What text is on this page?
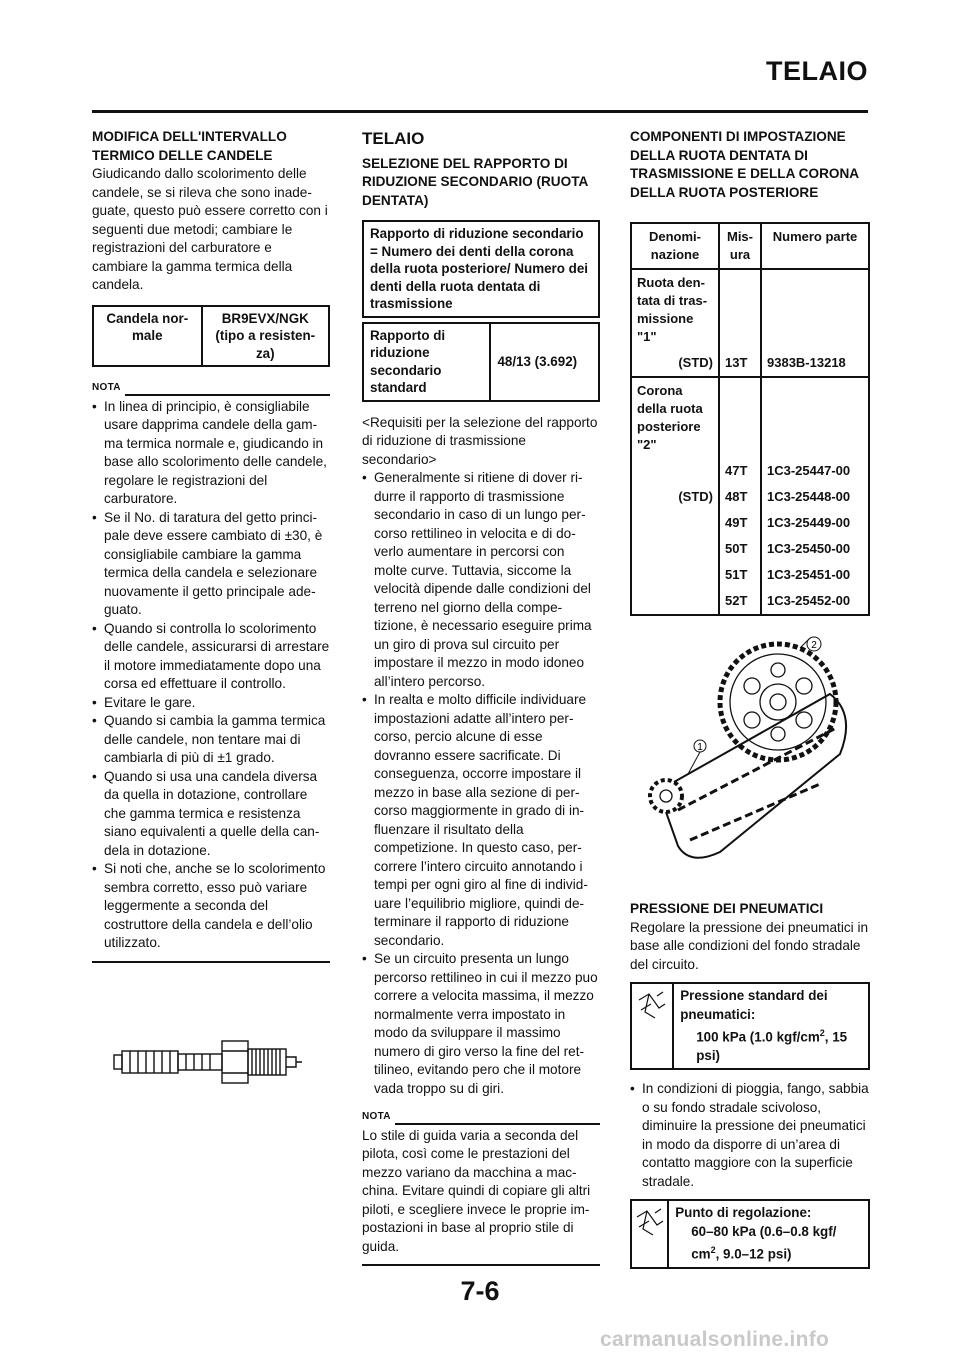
TELAIO

MODIFICA DELL'INTERVALLO TERMICO DELLE CANDELE

Giudicando dallo scolorimento delle candele, se si rileva che sono inadeguate, questo può essere corretto con i seguenti due metodi; cambiare le registrazioni del carburatore e cambiare la gamma termica della candela.

Candela normale	BR9EVX/NGK (tipo a resistenza)
NOTA
• In linea di principio, è consigliabile usare dapprima candele della gamma termica normale e, giudicando in base allo scolorimento delle candele, regolare le registrazioni del carburatore.
• Se il No. di taratura del getto principale deve essere cambiato di ±30, è consigliabile cambiare la gamma termica della candela e selezionare nuovamente il getto principale adeguato.
• Quando si controlla lo scolorimento delle candele, assicurarsi di arrestare il motore immediatamente dopo una corsa ed effettuare il controllo.
• Evitare le gare.
• Quando si cambia la gamma termica delle candele, non tentare mai di cambiarla di più di ±1 grado.
• Quando si usa una candela diversa da quella in dotazione, controllare che gamma termica e resistenza siano equivalenti a quelle della candela in dotazione.
• Si noti che, anche se lo scolorimento sembra corretto, esso può variare leggermente a seconda del costruttore della candela e dell’olio utilizzato.
TELAIO

SELEZIONE DEL RAPPORTO DI RIDUZIONE SECONDARIO (RUOTA DENTATA)

Rapporto di riduzione secondario = Numero dei denti della corona della ruota posteriore/ Numero dei denti della ruota dentata di trasmissione
Rapporto di riduzione secondario standard	48/13 (3.692)

<Requisiti per la selezione del rapporto di riduzione di trasmissione secondario>

• Generalmente si ritiene di dover ridurre il rapporto di trasmissione secondario in caso di un lungo percorso rettilineo in velocita e di doverlo aumentare in percorsi con molte curve. Tuttavia, siccome la velocità dipende dalle condizioni del terreno nel giorno della competizione, è necessario eseguire prima un giro di prova sul circuito per impostare il mezzo in modo idoneo all’intero percorso.
• In realta e molto difficile individuare impostazioni adatte all’intero percorso, percio alcune di esse dovranno essere sacrificate. Di conseguenza, occorre impostare il mezzo in base alla sezione di percorso maggiormente in grado di influenzare il risultato della competizione. In questo caso, percorrere l’intero circuito annotando i tempi per ogni giro al fine di individuare l’equilibrio migliore, quindi determinare il rapporto di riduzione secondario.
• Se un circuito presenta un lungo percorso rettilineo in cui il mezzo puo correre a velocita massima, il mezzo normalmente verra impostato in modo da sviluppare il massimo numero di giro verso la fine del rettilineo, evitando pero che il motore vada troppo su di giri.
NOTA

Lo stile di guida varia a seconda del pilota, così come le prestazioni del mezzo variano da macchina a macchina. Evitare quindi di copiare gli altri piloti, e scegliere invece le proprie impostazioni in base al proprio stile di guida.

COMPONENTI DI IMPOSTAZIONE DELLA RUOTA DENTATA DI TRASMISSIONE E DELLA CORONA DELLA RUOTA POSTERIORE

Denominazione	Misura	Numero parte
Ruota dentata di trasmissione "1"		
(STD)	13T	9383B-13218
Corona della ruota posteriore "2"		
	47T	1C3-25447-00
(STD)	48T	1C3-25448-00
	49T	1C3-25449-00
	50T	1C3-25450-00
	51T	1C3-25451-00
	52T	1C3-25452-00
1
2

PRESSIONE DEI PNEUMATICI

Regolare la pressione dei pneumatici in base alle condizioni del fondo stradale del circuito.

Pressione standard dei pneumatici:
100 kPa (1.0 kgf/$cm^2$, 15 psi)
• In condizioni di pioggia, fango, sabbia o su fondo stradale scivoloso, diminuire la pressione dei pneumatici in modo da disporre di un’area di contatto maggiore con la superficie stradale.
Punto di regolazione:
60–80 kPa (0.6–0.8 kgf/ $cm^2$, 9.0–12 psi)
7-6
carmanualsonline.info
